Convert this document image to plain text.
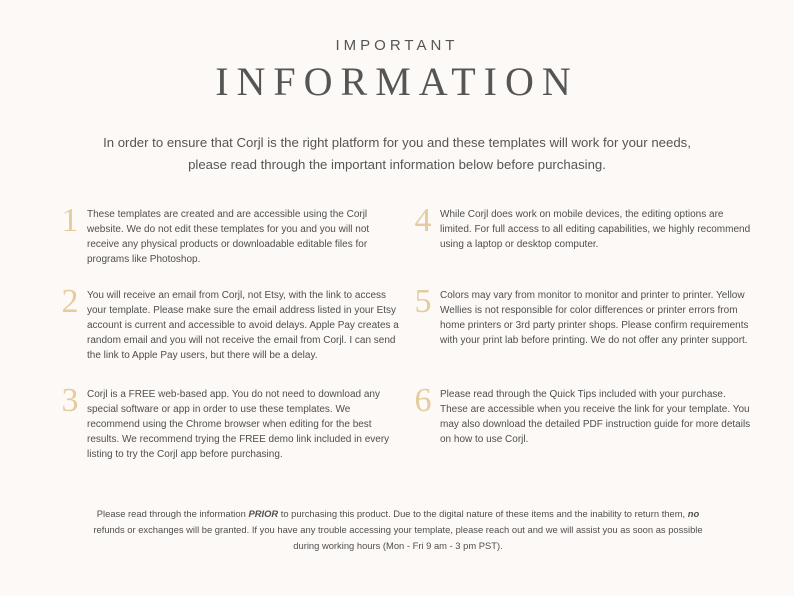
IMPORTANT
INFORMATION
In order to ensure that Corjl is the right platform for you and these templates will work for your needs, please read through the important information below before purchasing.
1 These templates are created and are accessible using the Corjl website. We do not edit these templates for you and you will not receive any physical products or downloadable editable files for programs like Photoshop.
2 You will receive an email from Corjl, not Etsy, with the link to access your template. Please make sure the email address listed in your Etsy account is current and accessible to avoid delays. Apple Pay creates a random email and you will not receive the email from Corjl. I can send the link to Apple Pay users, but there will be a delay.
3 Corjl is a FREE web-based app. You do not need to download any special software or app in order to use these templates. We recommend using the Chrome browser when editing for the best results. We recommend trying the FREE demo link included in every listing to try the Corjl app before purchasing.
4 While Corjl does work on mobile devices, the editing options are limited. For full access to all editing capabilities, we highly recommend using a laptop or desktop computer.
5 Colors may vary from monitor to monitor and printer to printer. Yellow Wellies is not responsible for color differences or printer errors from home printers or 3rd party printer shops. Please confirm requirements with your print lab before printing. We do not offer any printer support.
6 Please read through the Quick Tips included with your purchase. These are accessible when you receive the link for your template. You may also download the detailed PDF instruction guide for more details on how to use Corjl.
Please read through the information PRIOR to purchasing this product. Due to the digital nature of these items and the inability to return them, no refunds or exchanges will be granted. If you have any trouble accessing your template, please reach out and we will assist you as soon as possible during working hours (Mon - Fri 9 am - 3 pm PST).
